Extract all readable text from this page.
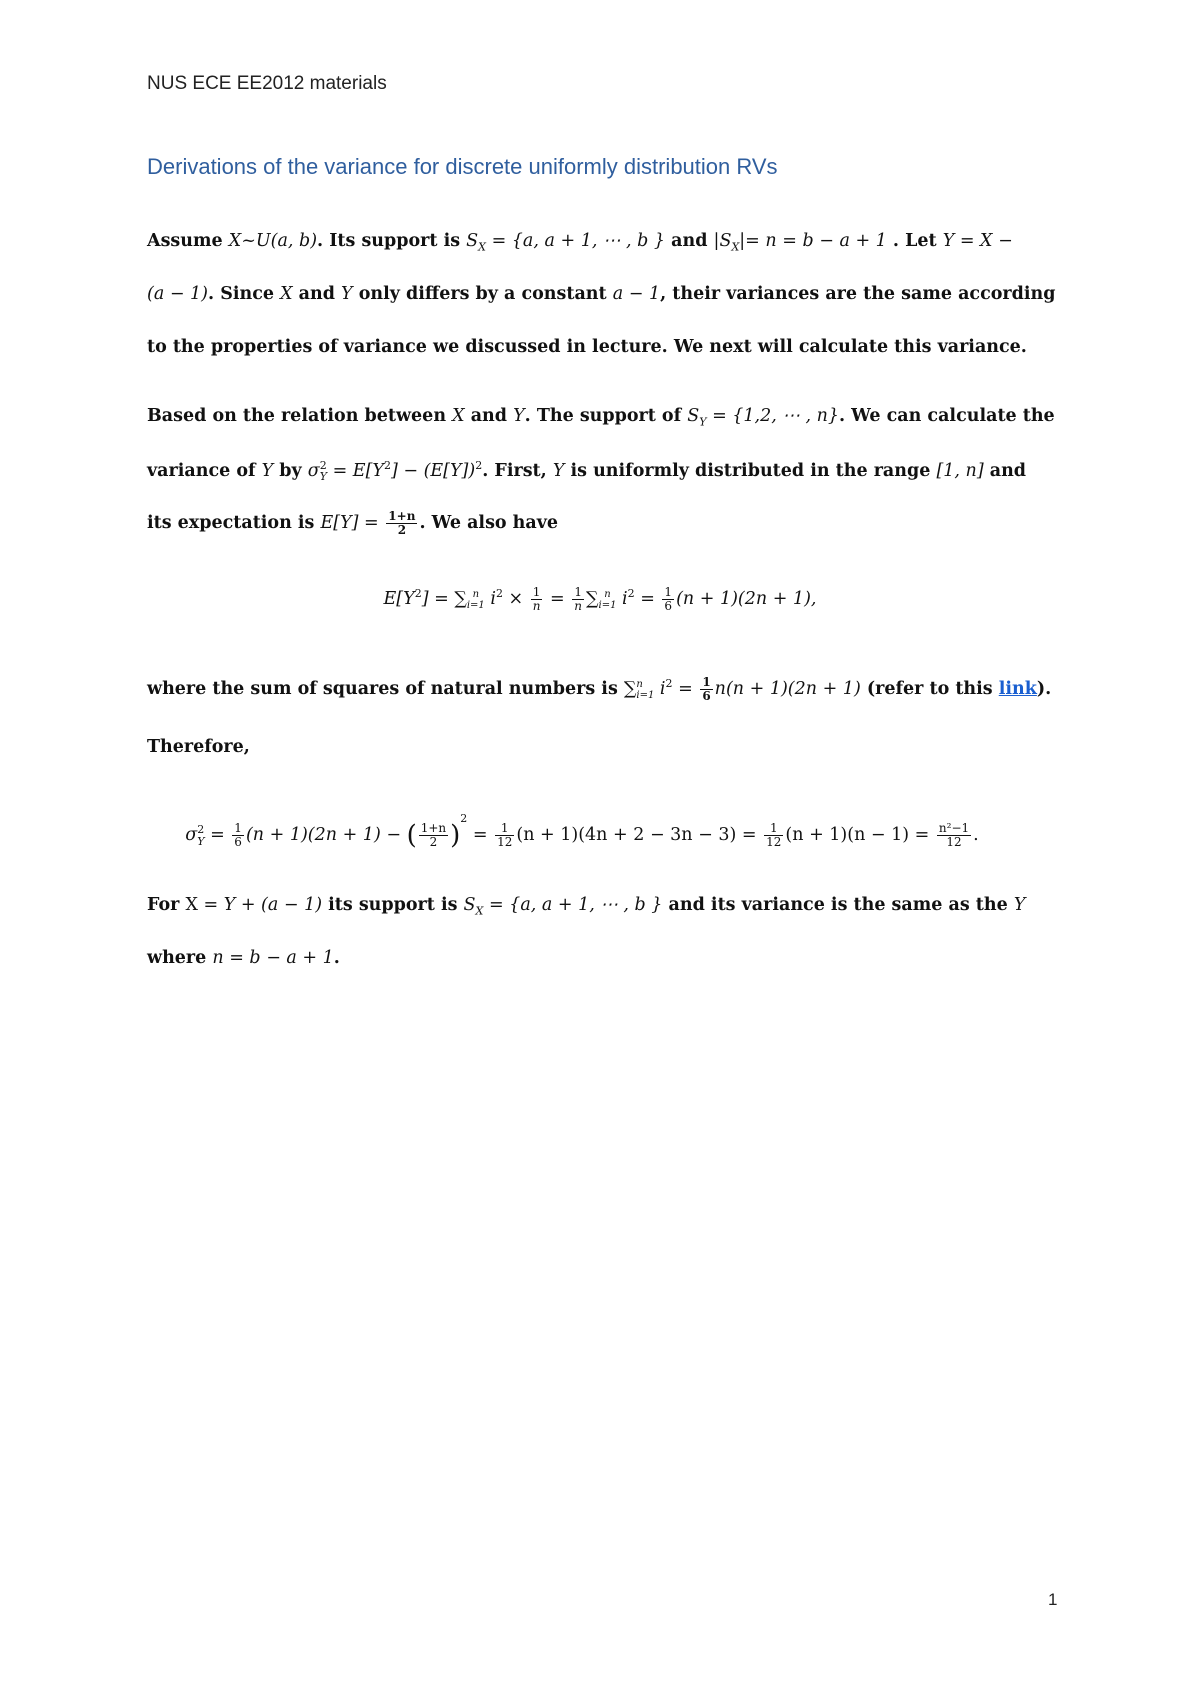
NUS ECE EE2012 materials
Derivations of the variance for discrete uniformly distribution RVs
Assume X~U(a, b). Its support is $S_X = \{a$, a + 1, ⋯ , b } and $|S_X|= n = b - a + 1$ . Let Y = X −
(a − 1). Since X and Y only differs by a constant a − 1, their variances are the same according
to the properties of variance we discussed in lecture. We next will calculate this variance.
Based on the relation between X and Y. The support of $S_Y = \{1,2$, ⋯ , n}. We can calculate the
variance of Y by $\sigma^2_Y = E[Y^2] - (E[Y])^2$. First, Y is uniformly distributed in the range [1, n] and
its expectation is $E[Y] = \frac{1+n}{2}$ . We also have
$E[Y^2]$ = ∑ n
i=1 $i^2 \times \frac{1}{n} = \frac{1}{n}$ ∑ n
i=1 $i^2 = \frac{1}{6} (n + 1)(2n + 1)$,
where the sum of squares of natural numbers is ∑ n
i=1 $i^2 = \frac{1}{6} n(n + 1)(2n + 1)$ (refer to this link).
Therefore,
$\sigma^2_Y = \frac{1}{6} (n + 1)(2n + 1)$ − ( $\frac{1+n}{2} )^2 = \frac{1}{12} (n + 1)(4n + 2 - 3n - 3) = \frac{1}{12} (n + 1)(n - 1) = \frac{\text{n²−1}}{12}$ .
For X = Y + (a − 1) its support is $S_X = \{a$, a + 1, ⋯ , b } and its variance is the same as the Y
where n = b − a + 1.
1
